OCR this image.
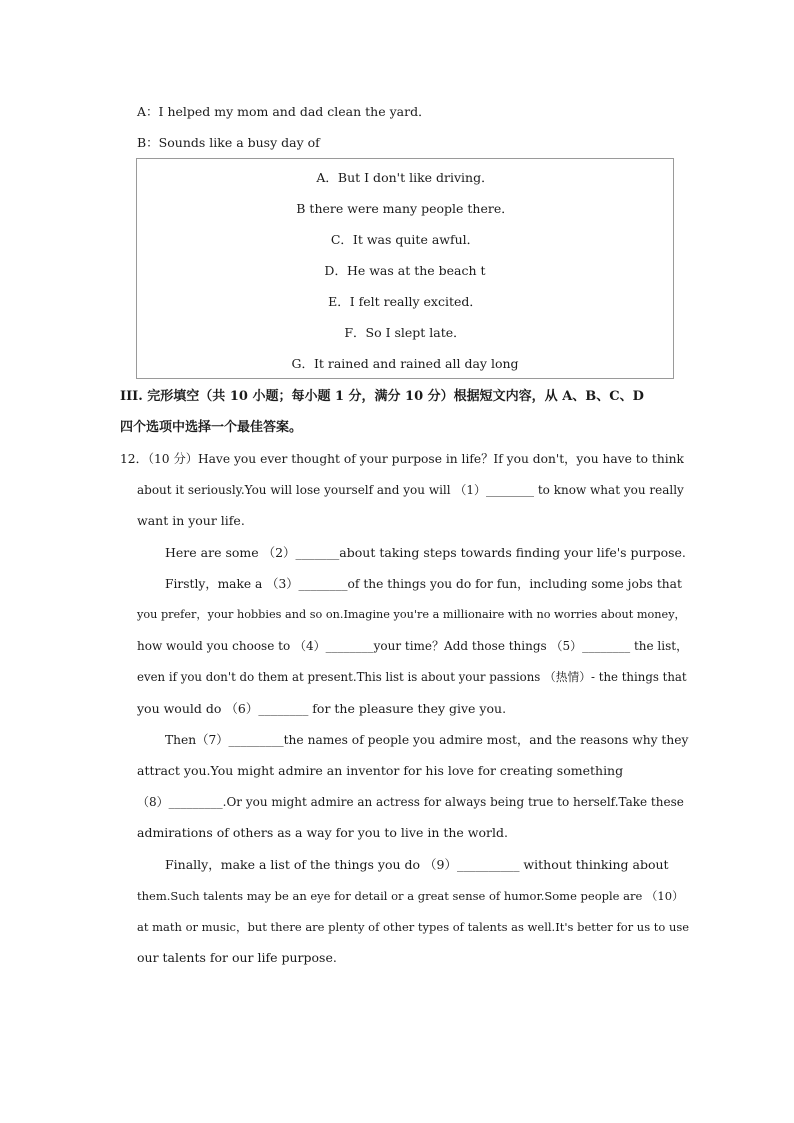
A：I helped my mom and dad clean the yard．
B：Sounds like a busy day of
A．But I don't like driving．
B there were many people there．
C．It was quite awful．
D．He was at the beach t
E．I felt really excited．
F．So I slept late．
G．It rained and rained all day long
III. 完形填空（共 10 小题；每小题 1 分，满分 10 分）根据短文内容，从 A、B、C、D
四个选项中选择一个最佳答案。
12．（10 分）Have you ever thought of your purpose in life？If you don't，you have to think
about it seriously.You will lose yourself and you will （1）________ to know what you really
want in your life.
Here are some （2）_______about taking steps towards finding your life's purpose.
Firstly，make a （3）________of the things you do for fun，including some jobs that
you prefer，your hobbies and so on.Imagine you're a millionaire with no worries about money，
how would you choose to （4）________your time？Add those things （5）________ the list，
even if you don't do them at present.This list is about your passions （热情）- the things that
you would do （6）________ for the pleasure they give you.
Then（7）_________the names of people you admire most，and the reasons why they
attract you.You might admire an inventor for his love for creating something
（8）_________.Or you might admire an actress for always being true to herself.Take these
admirations of others as a way for you to live in the world.
Finally，make a list of the things you do （9）__________ without thinking about
them.Such talents may be an eye for detail or a great sense of humor.Some people are （10）
at math or music，but there are plenty of other types of talents as well.It's better for us to use
our talents for our life purpose.
